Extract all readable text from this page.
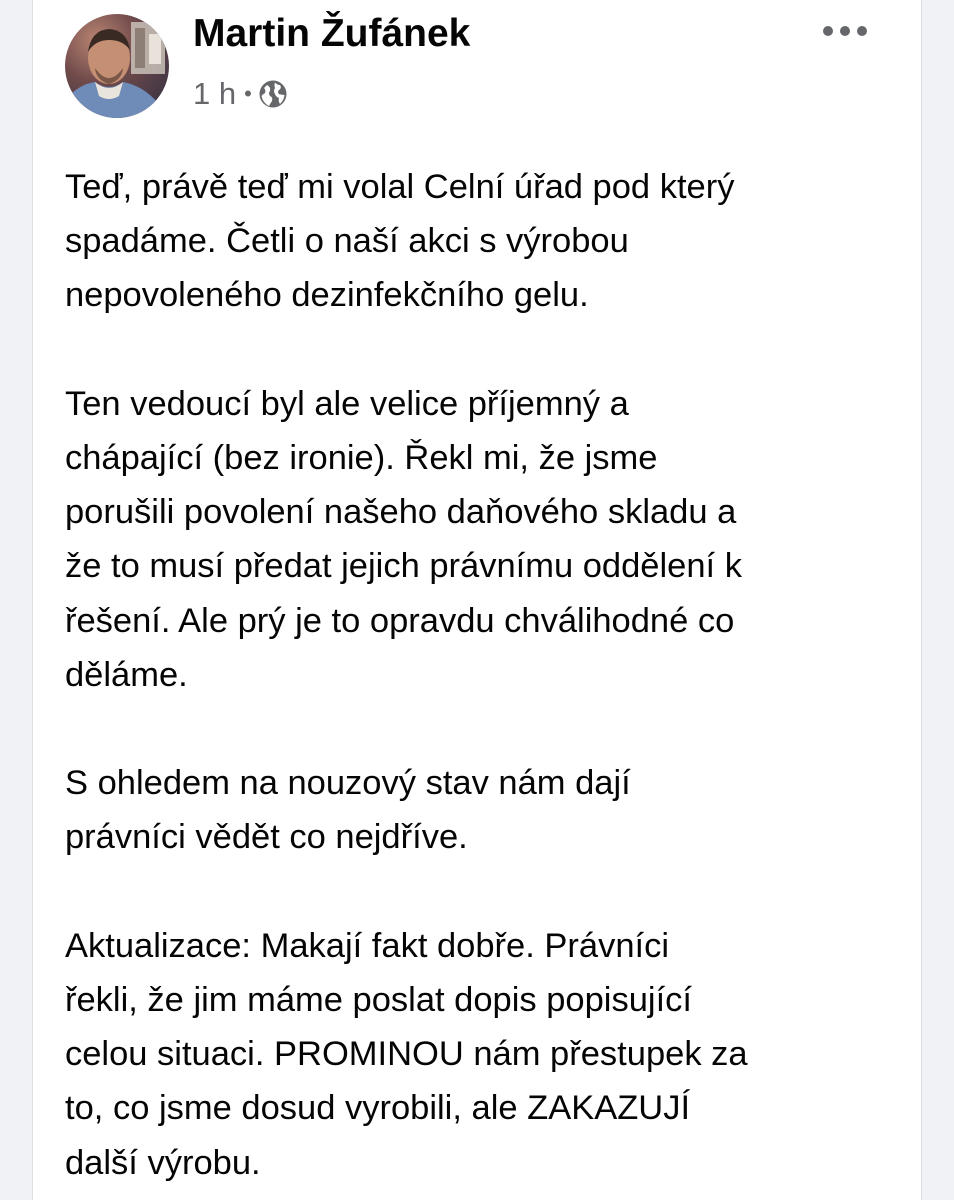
Martin Žufánek
1 h •
Teď, právě teď mi volal Celní úřad pod který
spadáme. Četli o naší akci s výrobou
nepovoleného dezinfekčního gelu.
Ten vedoucí byl ale velice příjemný a
chápající (bez ironie). Řekl mi, že jsme
porušili povolení našeho daňového skladu a
že to musí předat jejich právnímu oddělení k
řešení. Ale prý je to opravdu chválihodné co
děláme.
S ohledem na nouzový stav nám dají
právníci vědět co nejdříve.
Aktualizace: Makají fakt dobře. Právníci
řekli, že jim máme poslat dopis popisující
celou situaci. PROMINOU nám přestupek za
to, co jsme dosud vyrobili, ale ZAKAZUJÍ
další výrobu.
